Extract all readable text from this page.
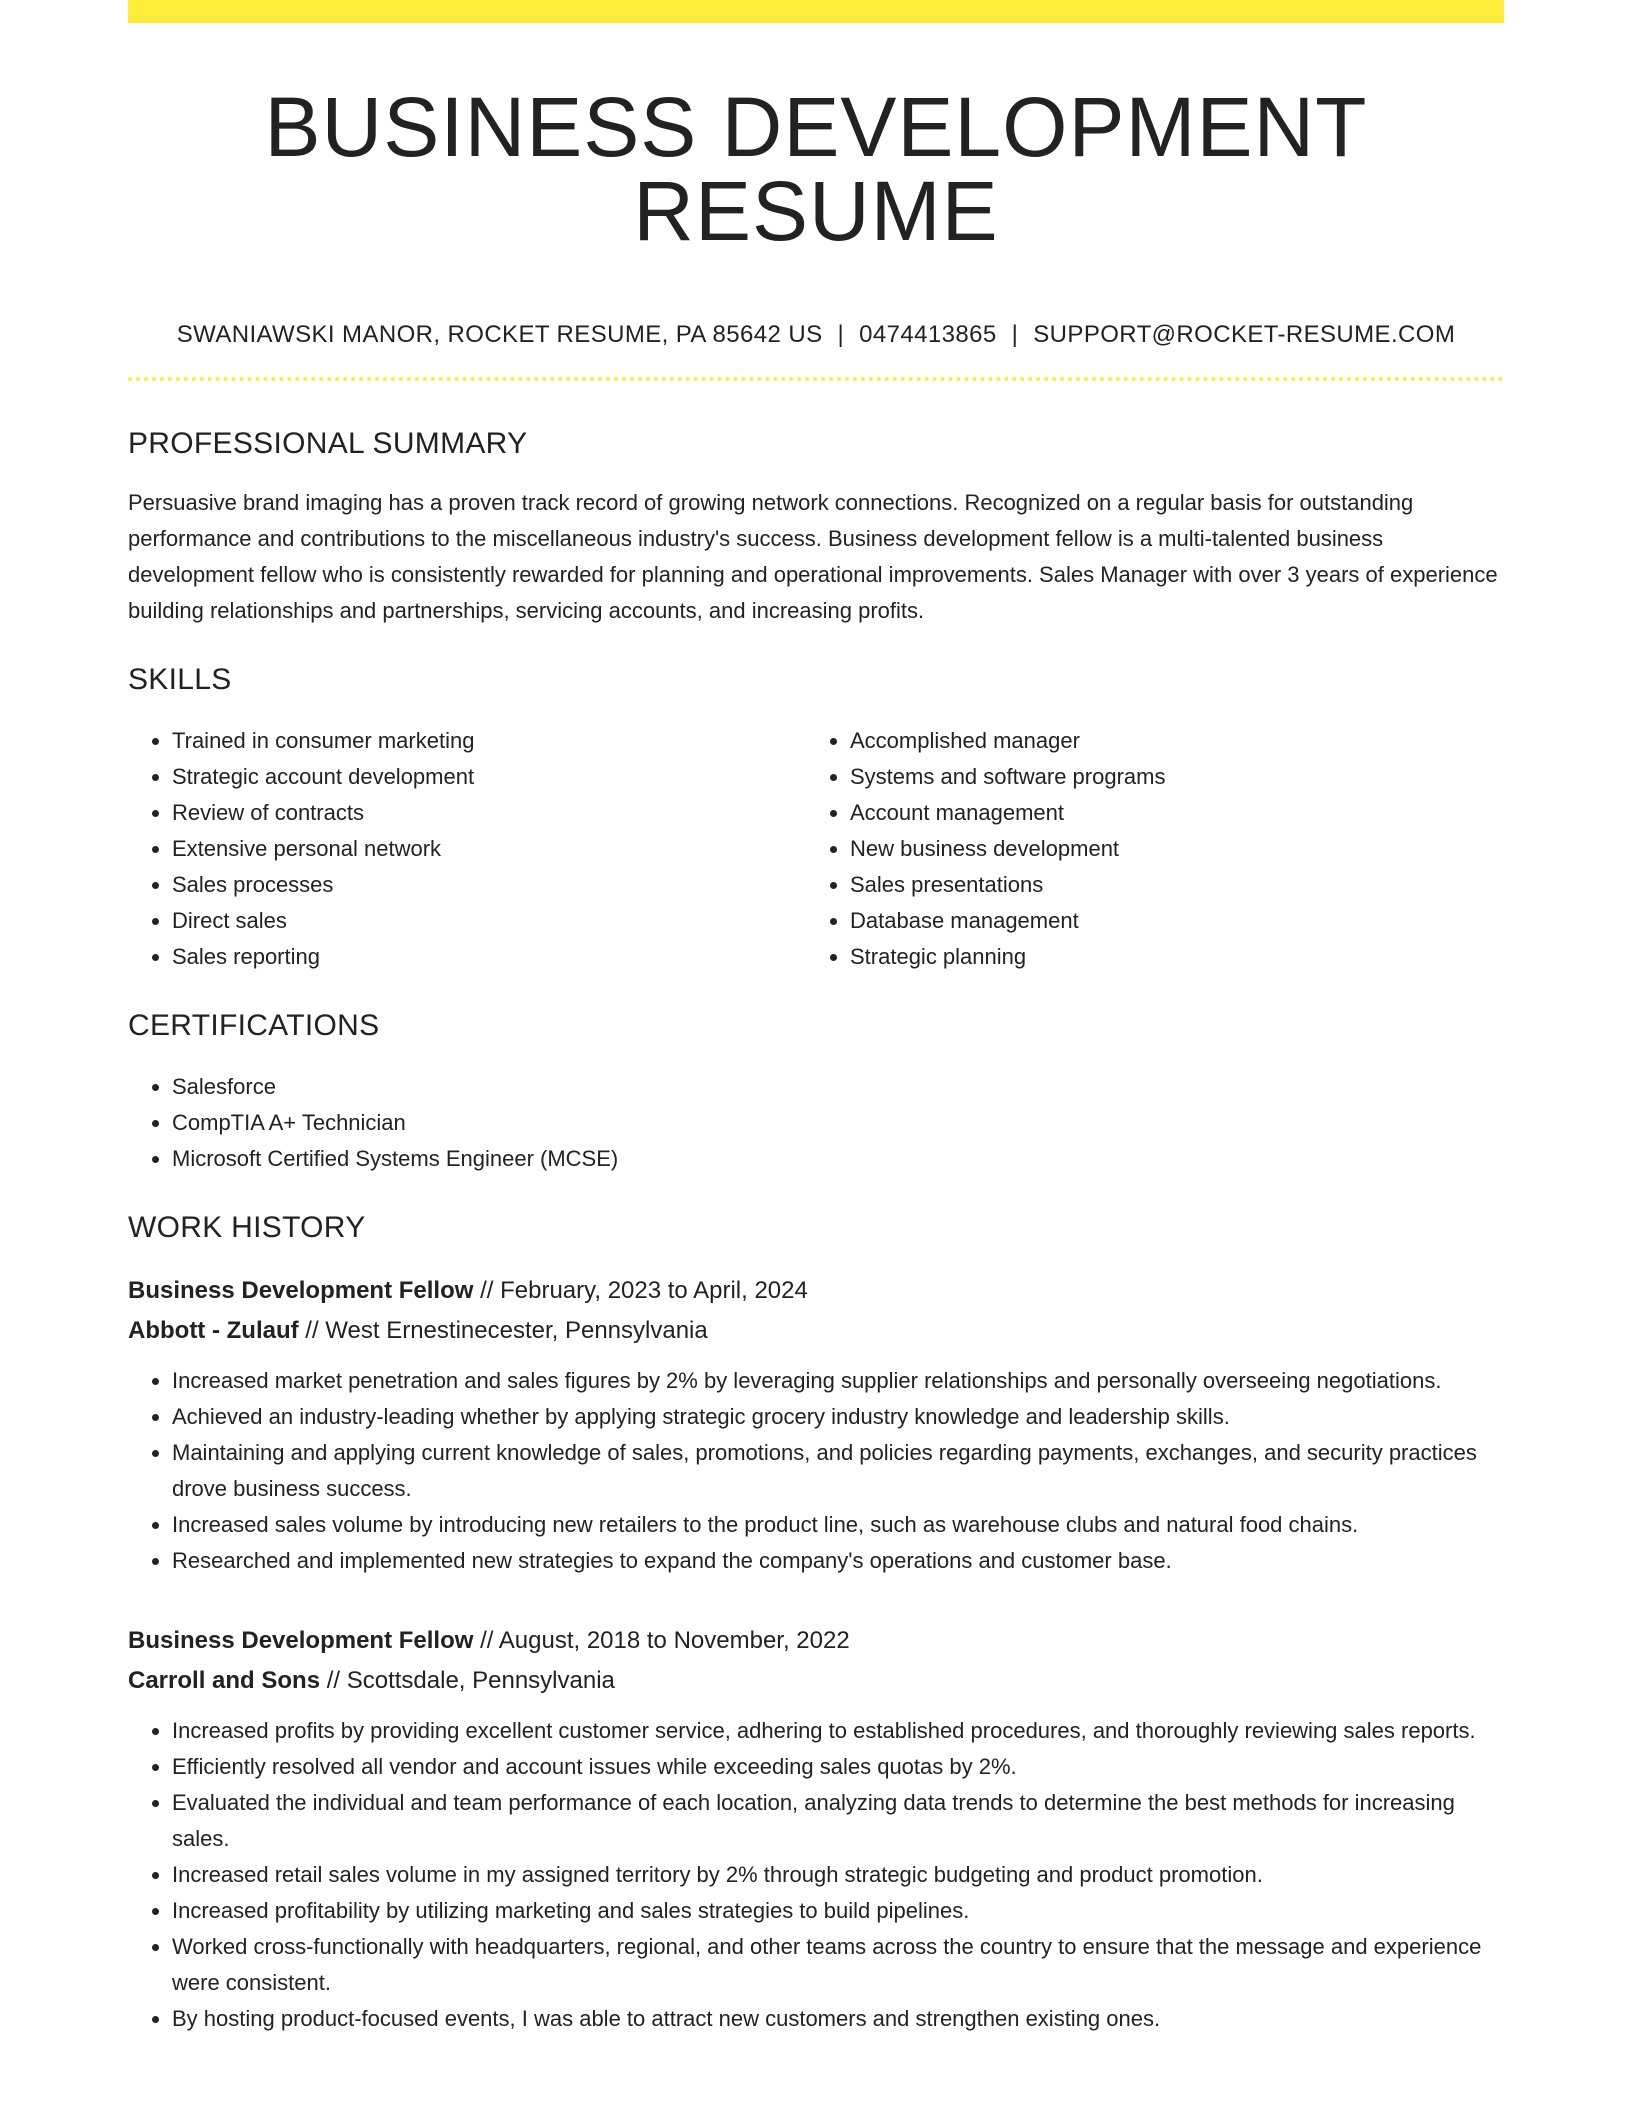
BUSINESS DEVELOPMENT RESUME
SWANIAWSKI MANOR, ROCKET RESUME, PA 85642 US | 0474413865 | SUPPORT@ROCKET-RESUME.COM
PROFESSIONAL SUMMARY

Persuasive brand imaging has a proven track record of growing network connections. Recognized on a regular basis for outstanding performance and contributions to the miscellaneous industry's success. Business development fellow is a multi-talented business development fellow who is consistently rewarded for planning and operational improvements. Sales Manager with over 3 years of experience building relationships and partnerships, servicing accounts, and increasing profits.

SKILLS
• Trained in consumer marketing
• Strategic account development
• Review of contracts
• Extensive personal network
• Sales processes
• Direct sales
• Sales reporting
• Accomplished manager
• Systems and software programs
• Account management
• New business development
• Sales presentations
• Database management
• Strategic planning
CERTIFICATIONS
• Salesforce
• CompTIA A+ Technician
• Microsoft Certified Systems Engineer (MCSE)
WORK HISTORY
Business Development Fellow // February, 2023 to April, 2024
Abbott - Zulauf // West Ernestinecester, Pennsylvania
• Increased market penetration and sales figures by 2% by leveraging supplier relationships and personally overseeing negotiations.
• Achieved an industry-leading whether by applying strategic grocery industry knowledge and leadership skills.
• Maintaining and applying current knowledge of sales, promotions, and policies regarding payments, exchanges, and security practices drove business success.
• Increased sales volume by introducing new retailers to the product line, such as warehouse clubs and natural food chains.
• Researched and implemented new strategies to expand the company's operations and customer base.
Business Development Fellow // August, 2018 to November, 2022
Carroll and Sons // Scottsdale, Pennsylvania
• Increased profits by providing excellent customer service, adhering to established procedures, and thoroughly reviewing sales reports.
• Efficiently resolved all vendor and account issues while exceeding sales quotas by 2%.
• Evaluated the individual and team performance of each location, analyzing data trends to determine the best methods for increasing sales.
• Increased retail sales volume in my assigned territory by 2% through strategic budgeting and product promotion.
• Increased profitability by utilizing marketing and sales strategies to build pipelines.
• Worked cross-functionally with headquarters, regional, and other teams across the country to ensure that the message and experience were consistent.
• By hosting product-focused events, I was able to attract new customers and strengthen existing ones.
